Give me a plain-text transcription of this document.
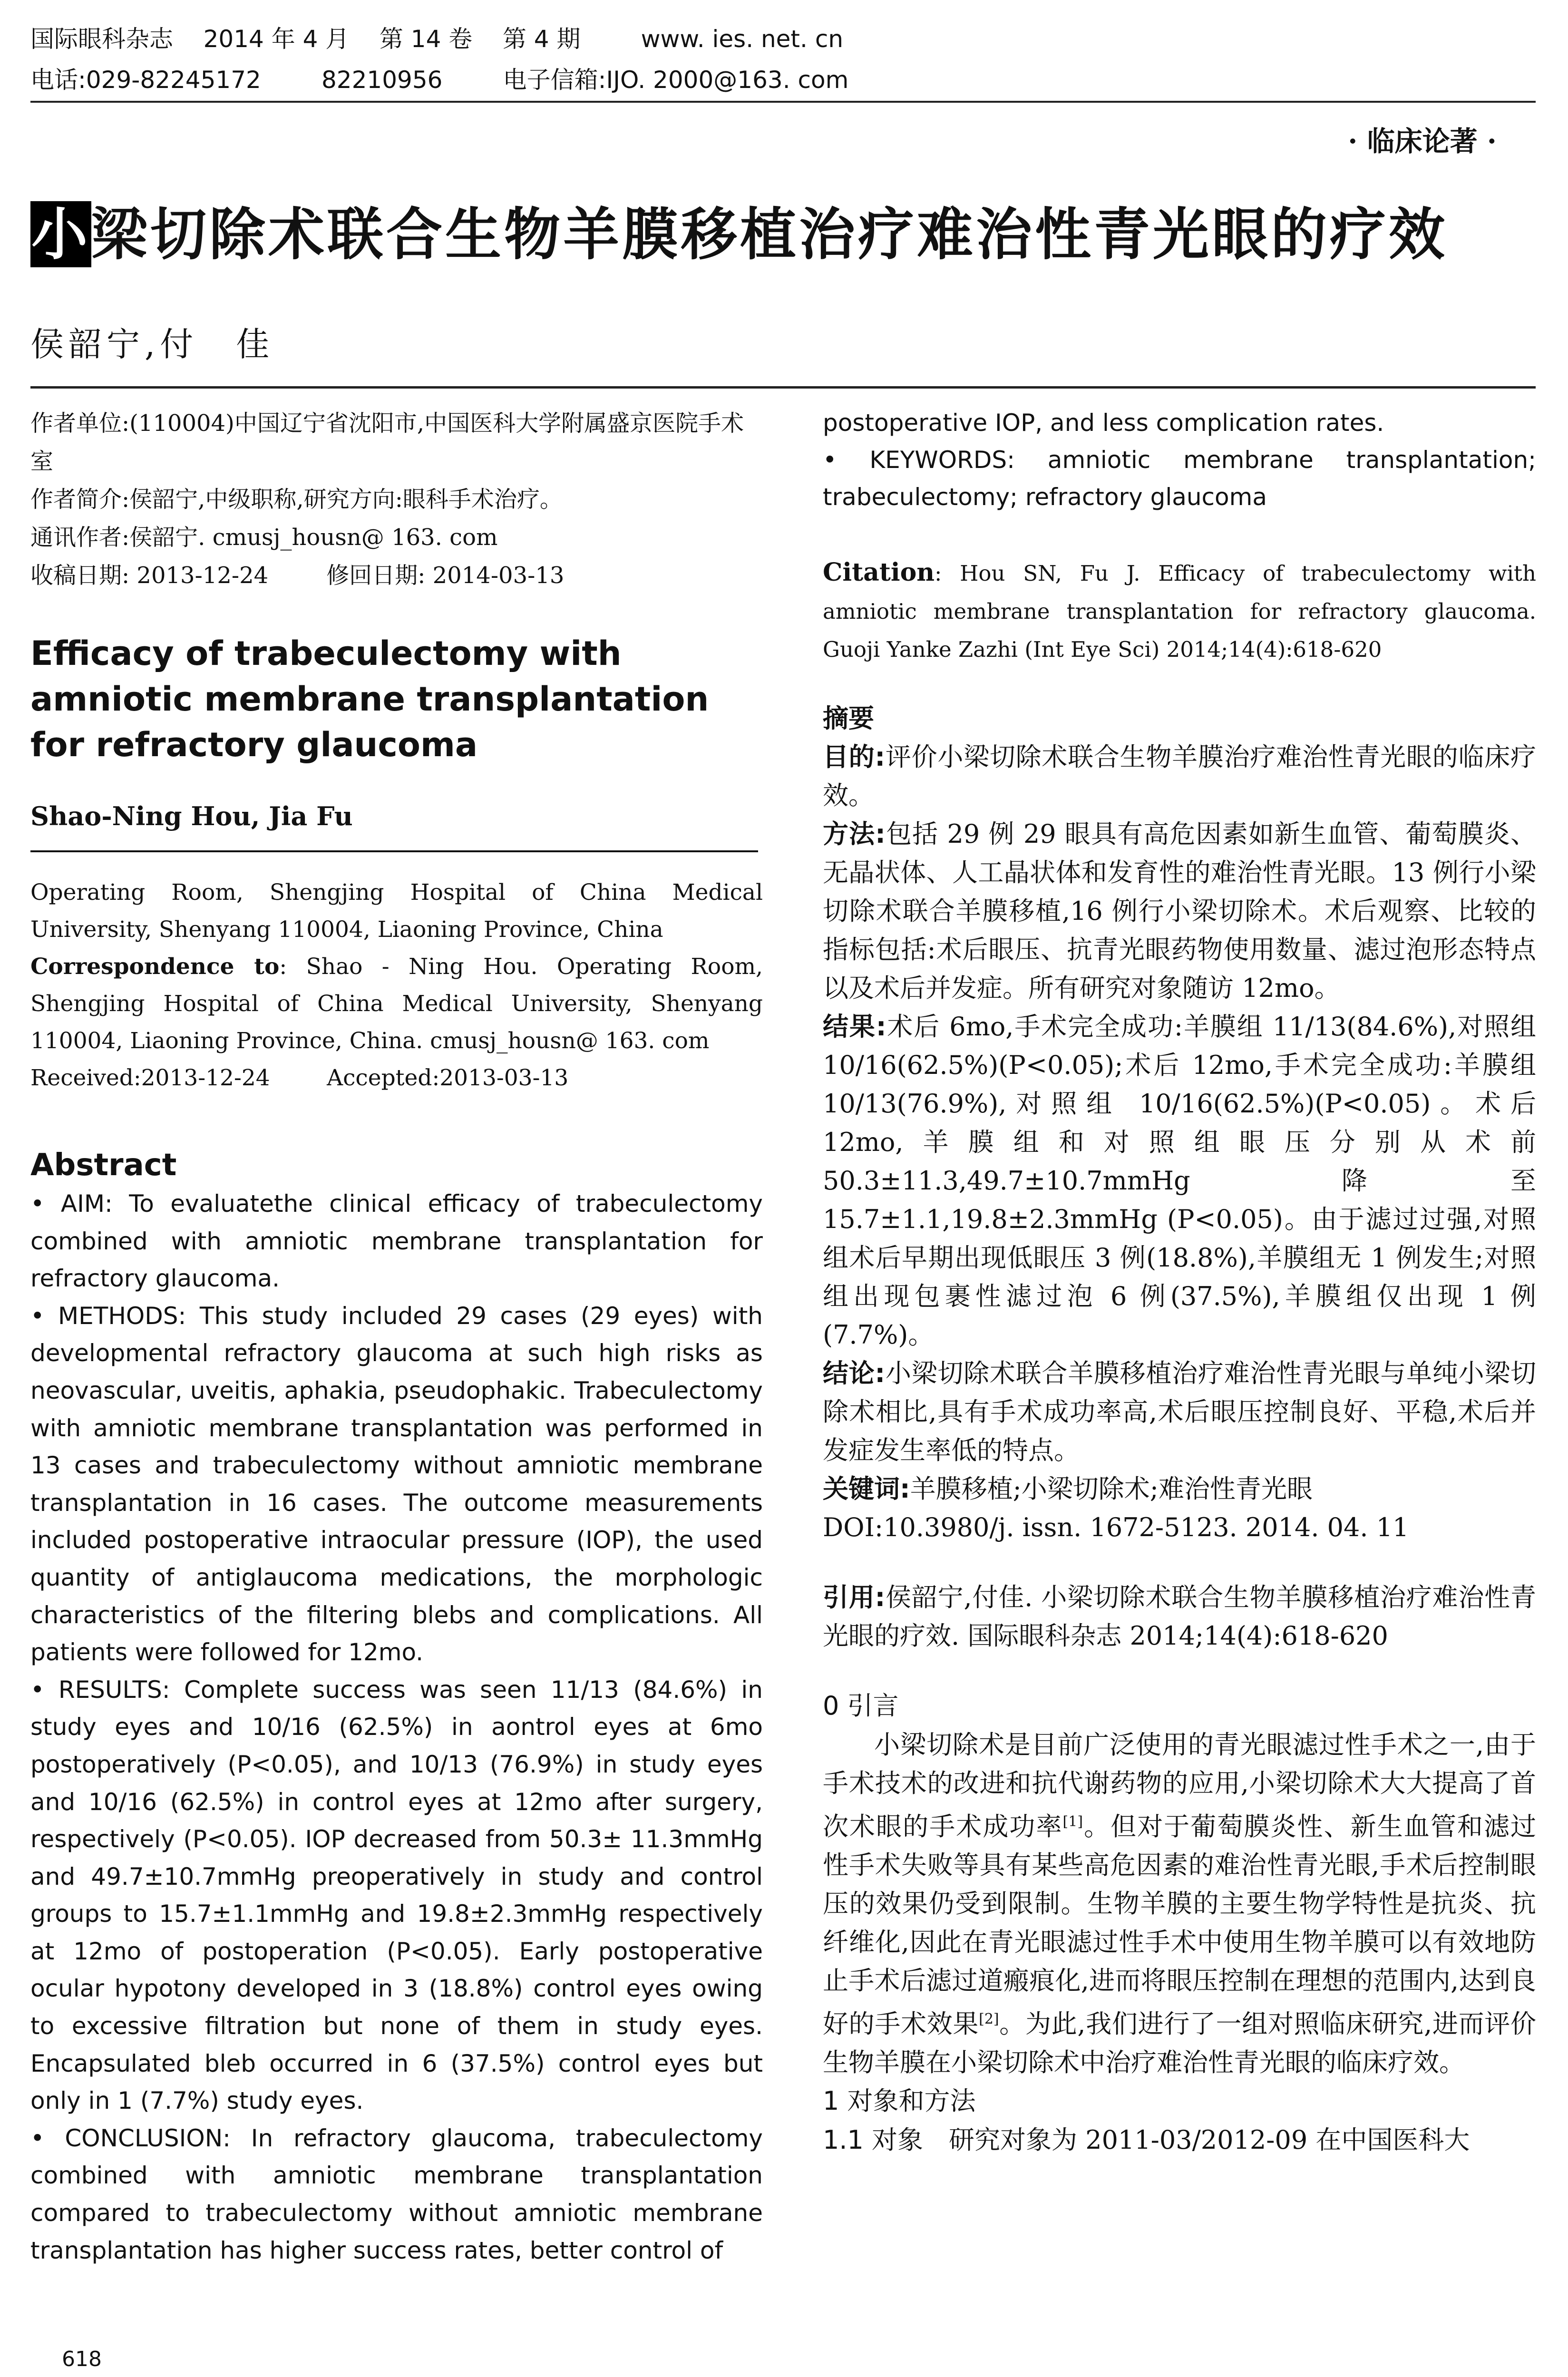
国际眼科杂志    2014 年 4 月    第 14 卷    第 4 期        www. ies. net. cn
电话:029-82245172        82210956        电子信箱:IJO. 2000@163. com
· 临床论著 ·
小梁切除术联合生物羊膜移植治疗难治性青光眼的疗效
侯韶宁,付　佳
作者单位:(110004)中国辽宁省沈阳市,中国医科大学附属盛京医院手术室
作者简介:侯韶宁,中级职称,研究方向:眼科手术治疗。
通讯作者:侯韶宁. cmusj_housn@ 163. com
收稿日期: 2013-12-24        修回日期: 2014-03-13
Efficacy of trabeculectomy with amniotic membrane transplantation for refractory glaucoma
Shao-Ning Hou, Jia Fu
Operating Room, Shengjing Hospital of China Medical University, Shenyang 110004, Liaoning Province, China
Correspondence to: Shao - Ning Hou. Operating Room, Shengjing Hospital of China Medical University, Shenyang 110004, Liaoning Province, China. cmusj_housn@ 163. com
Received:2013-12-24        Accepted:2013-03-13
Abstract

• AIM: To evaluatethe clinical efficacy of trabeculectomy combined with amniotic membrane transplantation for refractory glaucoma.

• METHODS: This study included 29 cases (29 eyes) with developmental refractory glaucoma at such high risks as neovascular, uveitis, aphakia, pseudophakic. Trabeculectomy with amniotic membrane transplantation was performed in 13 cases and trabeculectomy without amniotic membrane transplantation in 16 cases. The outcome measurements included postoperative intraocular pressure (IOP), the used quantity of antiglaucoma medications, the morphologic characteristics of the filtering blebs and complications. All patients were followed for 12mo.

• RESULTS: Complete success was seen 11/13 (84.6%) in study eyes and 10/16 (62.5%) in aontrol eyes at 6mo postoperatively (P<0.05), and 10/13 (76.9%) in study eyes and 10/16 (62.5%) in control eyes at 12mo after surgery, respectively (P<0.05). IOP decreased from 50.3± 11.3mmHg and 49.7±10.7mmHg preoperatively in study and control groups to 15.7±1.1mmHg and 19.8±2.3mmHg respectively at 12mo of postoperation (P<0.05). Early postoperative ocular hypotony developed in 3 (18.8%) control eyes owing to excessive filtration but none of them in study eyes. Encapsulated bleb occurred in 6 (37.5%) control eyes but only in 1 (7.7%) study eyes.

• CONCLUSION: In refractory glaucoma, trabeculectomy combined with amniotic membrane transplantation compared to trabeculectomy without amniotic membrane transplantation has higher success rates, better control of

postoperative IOP, and less complication rates.
• KEYWORDS: amniotic membrane transplantation; trabeculectomy; refractory glaucoma
Citation: Hou SN, Fu J. Efficacy of trabeculectomy with amniotic membrane transplantation for refractory glaucoma. Guoji Yanke Zazhi (Int Eye Sci) 2014;14(4):618-620

摘要

目的:评价小梁切除术联合生物羊膜治疗难治性青光眼的临床疗效。

方法:包括 29 例 29 眼具有高危因素如新生血管、葡萄膜炎、无晶状体、人工晶状体和发育性的难治性青光眼。13 例行小梁切除术联合羊膜移植,16 例行小梁切除术。术后观察、比较的指标包括:术后眼压、抗青光眼药物使用数量、滤过泡形态特点以及术后并发症。所有研究对象随访 12mo。

结果:术后 6mo,手术完全成功:羊膜组 11/13(84.6%),对照组 10/16(62.5%)(P<0.05);术后 12mo,手术完全成功:羊膜组 10/13(76.9%),对照组 10/16(62.5%)(P<0.05)。术后 12mo,羊膜组和对照组眼压分别从术前 50.3±11.3,49.7±10.7mmHg 降至 15.7±1.1,19.8±2.3mmHg (P<0.05)。由于滤过过强,对照组术后早期出现低眼压 3 例(18.8%),羊膜组无 1 例发生;对照组出现包裹性滤过泡 6 例(37.5%),羊膜组仅出现 1 例(7.7%)。

结论:小梁切除术联合羊膜移植治疗难治性青光眼与单纯小梁切除术相比,具有手术成功率高,术后眼压控制良好、平稳,术后并发症发生率低的特点。

关键词:羊膜移植;小梁切除术;难治性青光眼

DOI:10.3980/j. issn. 1672-5123. 2014. 04. 11

引用:侯韶宁,付佳. 小梁切除术联合生物羊膜移植治疗难治性青光眼的疗效. 国际眼科杂志 2014;14(4):618-620

0 引言
小梁切除术是目前广泛使用的青光眼滤过性手术之一,由于手术技术的改进和抗代谢药物的应用,小梁切除术大大提高了首次术眼的手术成功率[1]。但对于葡萄膜炎性、新生血管和滤过性手术失败等具有某些高危因素的难治性青光眼,手术后控制眼压的效果仍受到限制。生物羊膜的主要生物学特性是抗炎、抗纤维化,因此在青光眼滤过性手术中使用生物羊膜可以有效地防止手术后滤过道瘢痕化,进而将眼压控制在理想的范围内,达到良好的手术效果[2]。为此,我们进行了一组对照临床研究,进而评价生物羊膜在小梁切除术中治疗难治性青光眼的临床疗效。
1 对象和方法
1.1 对象　 研究对象为 2011-03/2012-09 在中国医科大
618
